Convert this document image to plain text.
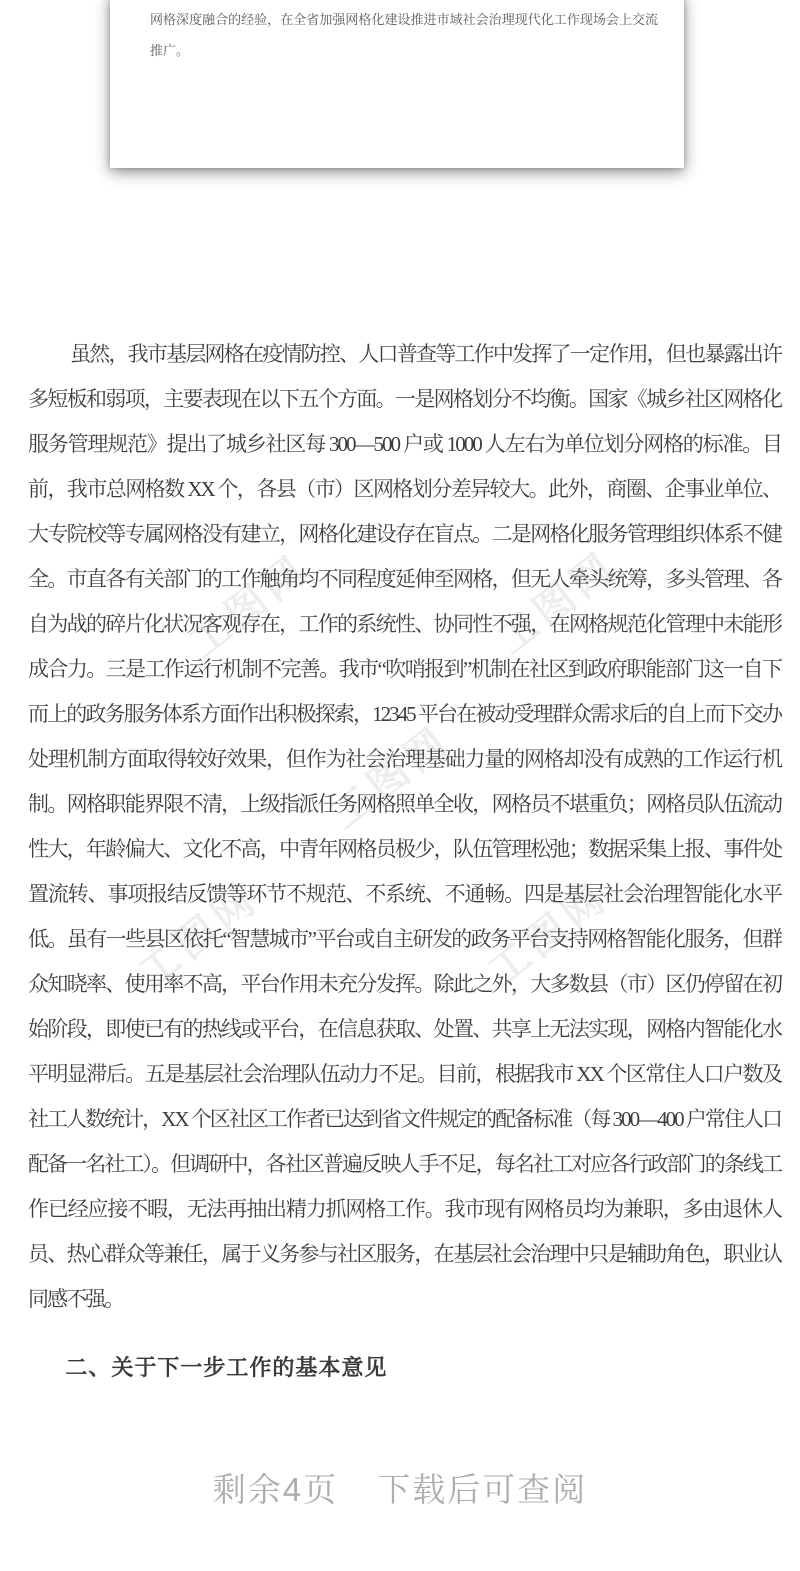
网格深度融合的经验，在全省加强网格化建设推进市域社会治理现代化工作现场会上交流推广。

工图网	工图网
工图网
工图网	工图网

虽然，我市基层网格在疫情防控、人口普查等工作中发挥了一定作用，但也暴露出许多短板和弱项，主要表现在以下五个方面。一是网格划分不均衡。国家《城乡社区网格化服务管理规范》提出了城乡社区每 300—500 户或 1000 人左右为单位划分网格的标准。目前，我市总网格数 XX 个，各县（市）区网格划分差异较大。此外，商圈、企事业单位、大专院校等专属网格没有建立，网格化建设存在盲点。二是网格化服务管理组织体系不健全。市直各有关部门的工作触角均不同程度延伸至网格，但无人牵头统筹，多头管理、各自为战的碎片化状况客观存在，工作的系统性、协同性不强，在网格规范化管理中未能形成合力。三是工作运行机制不完善。我市“吹哨报到”机制在社区到政府职能部门这一自下而上的政务服务体系方面作出积极探索，12345 平台在被动受理群众需求后的自上而下交办处理机制方面取得较好效果，但作为社会治理基础力量的网格却没有成熟的工作运行机制。网格职能界限不清，上级指派任务网格照单全收，网格员不堪重负；网格员队伍流动性大，年龄偏大、文化不高，中青年网格员极少，队伍管理松弛；数据采集上报、事件处置流转、事项报结反馈等环节不规范、不系统、不通畅。四是基层社会治理智能化水平低。虽有一些县区依托“智慧城市”平台或自主研发的政务平台支持网格智能化服务，但群众知晓率、使用率不高，平台作用未充分发挥。除此之外，大多数县（市）区仍停留在初始阶段，即使已有的热线或平台，在信息获取、处置、共享上无法实现，网格内智能化水平明显滞后。五是基层社会治理队伍动力不足。目前，根据我市 XX 个区常住人口户数及社工人数统计，XX 个区社区工作者已达到省文件规定的配备标准（每 300—400 户常住人口配备一名社工）。但调研中，各社区普遍反映人手不足，每名社工对应各行政部门的条线工作已经应接不暇，无法再抽出精力抓网格工作。我市现有网格员均为兼职，多由退休人员、热心群众等兼任，属于义务参与社区服务，在基层社会治理中只是辅助角色，职业认同感不强。

二、关于下一步工作的基本意见
剩余4页 下载后可查阅
